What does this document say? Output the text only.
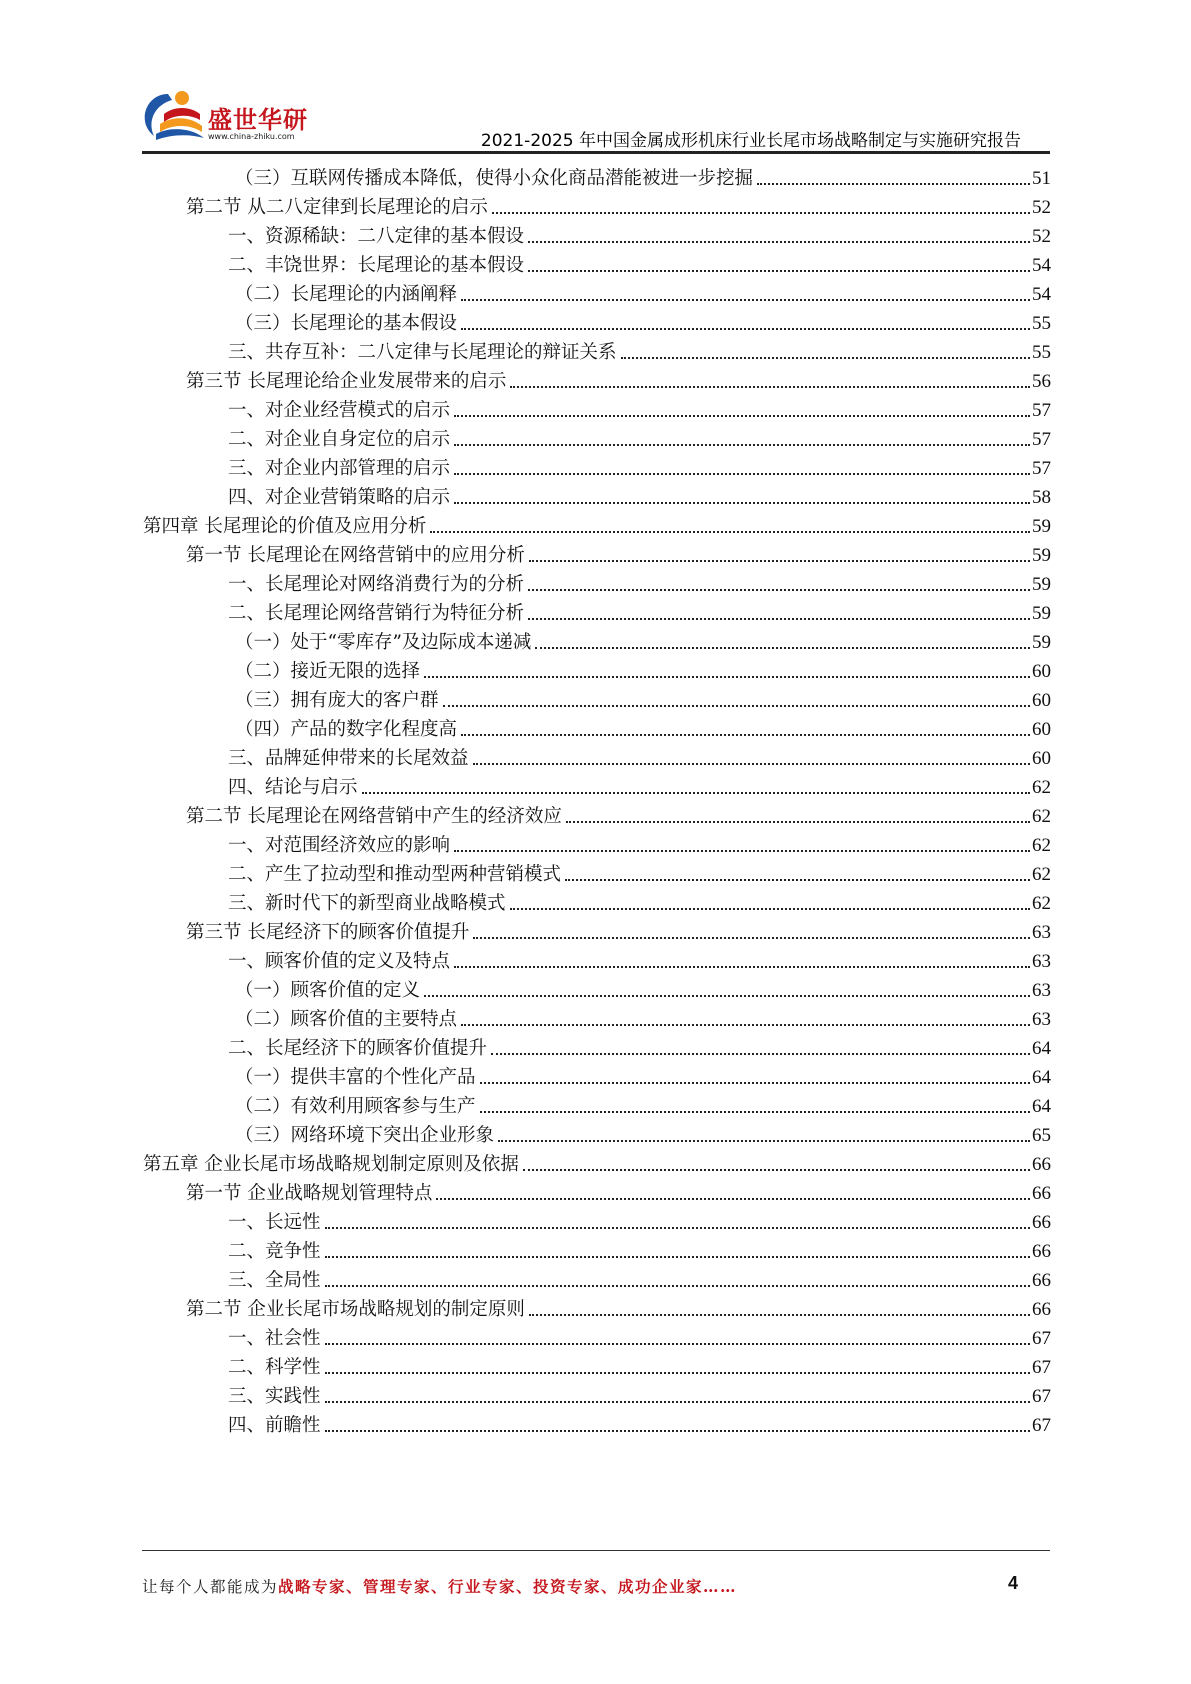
盛世华研
www.china-zhiku.com	2021-2025 年中国金属成形机床行业长尾市场战略制定与实施研究报告
（三）互联网传播成本降低，使得小众化商品潜能被进一步挖掘	51
第二节 从二八定律到长尾理论的启示	52
一、资源稀缺：二八定律的基本假设	52
二、丰饶世界：长尾理论的基本假设	54
（二）长尾理论的内涵阐释	54
（三）长尾理论的基本假设	55
三、共存互补：二八定律与长尾理论的辩证关系	55
第三节 长尾理论给企业发展带来的启示	56
一、对企业经营模式的启示	57
二、对企业自身定位的启示	57
三、对企业内部管理的启示	57
四、对企业营销策略的启示	58
第四章 长尾理论的价值及应用分析	59
第一节 长尾理论在网络营销中的应用分析	59
一、长尾理论对网络消费行为的分析	59
二、长尾理论网络营销行为特征分析	59
（一）处于“零库存”及边际成本递减	59
（二）接近无限的选择	60
（三）拥有庞大的客户群	60
（四）产品的数字化程度高	60
三、品牌延伸带来的长尾效益	60
四、结论与启示	62
第二节 长尾理论在网络营销中产生的经济效应	62
一、对范围经济效应的影响	62
二、产生了拉动型和推动型两种营销模式	62
三、新时代下的新型商业战略模式	62
第三节 长尾经济下的顾客价值提升	63
一、顾客价值的定义及特点	63
（一）顾客价值的定义	63
（二）顾客价值的主要特点	63
二、长尾经济下的顾客价值提升	64
（一）提供丰富的个性化产品	64
（二）有效利用顾客参与生产	64
（三）网络环境下突出企业形象	65
第五章 企业长尾市场战略规划制定原则及依据	66
第一节 企业战略规划管理特点	66
一、长远性	66
二、竞争性	66
三、全局性	66
第二节 企业长尾市场战略规划的制定原则	66
一、社会性	67
二、科学性	67
三、实践性	67
四、前瞻性	67
让每个人都能成为战略专家、管理专家、行业专家、投资专家、成功企业家……	4
